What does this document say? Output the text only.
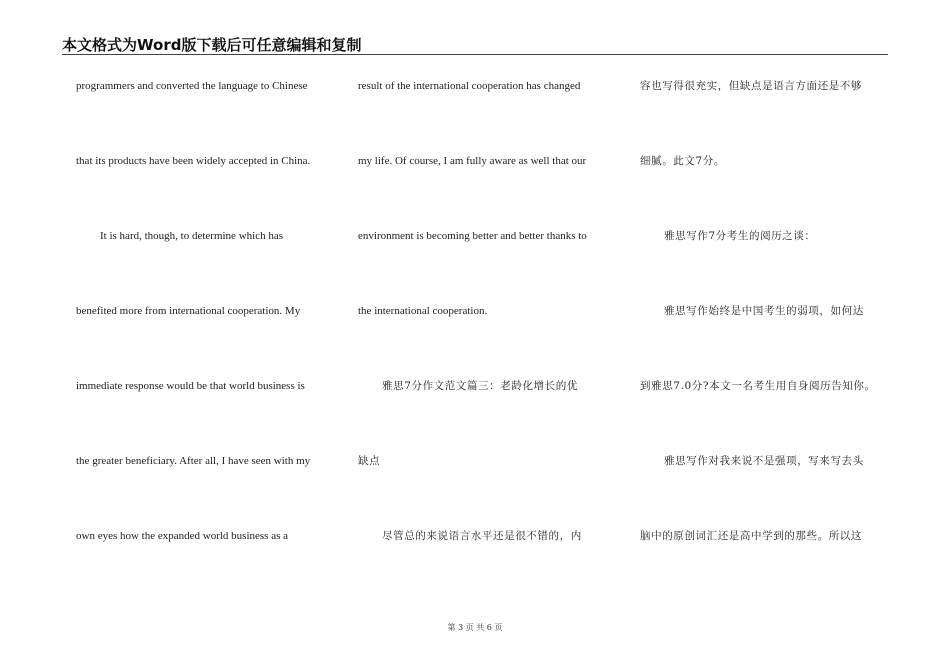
本文格式为Word版下载后可任意编辑和复制
programmers and converted the language to Chinese
that its products have been widely accepted in China.
It is hard, though, to determine which has
benefited more from international cooperation. My
immediate response would be that world business is
the greater beneficiary. After all, I have seen with my
own eyes how the expanded world business as a
result of the international cooperation has changed
my life. Of course, I am fully aware as well that our
environment is becoming better and better thanks to
the international cooperation.
雅思7分作文范文篇三：老龄化增长的优
缺点
尽管总的来说语言水平还是很不错的，内
容也写得很充实，但缺点是语言方面还是不够
细腻。此文7分。
雅思写作7分考生的阅历之谈：
雅思写作始终是中国考生的弱项，如何达
到雅思7.0分?本文一名考生用自身阅历告知你。
雅思写作对我来说不是强项，写来写去头
脑中的原创词汇还是高中学到的那些。所以这
第 3 页 共 6 页
